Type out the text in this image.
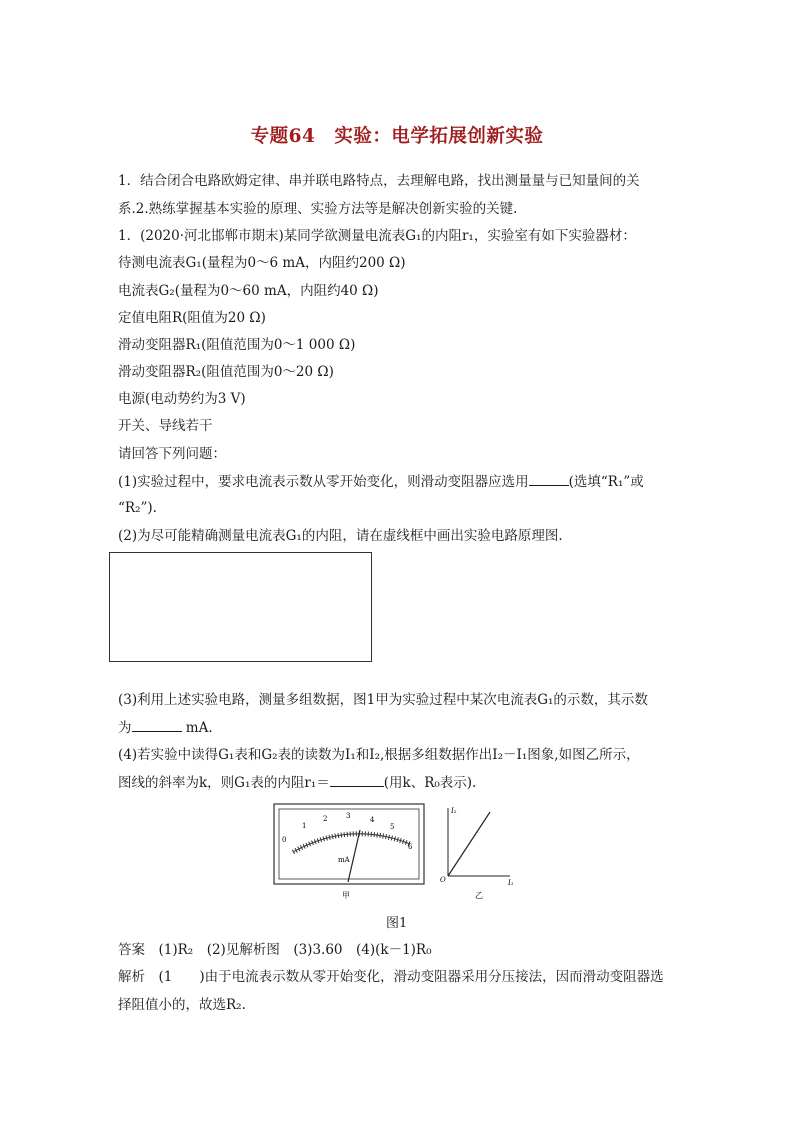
专题64　实验：电学拓展创新实验
1．结合闭合电路欧姆定律、串并联电路特点，去理解电路，找出测量量与已知量间的关
系.2.熟练掌握基本实验的原理、实验方法等是解决创新实验的关键.
1．(2020·河北邯郸市期末)某同学欲测量电流表G₁的内阻r₁，实验室有如下实验器材：
待测电流表G₁(量程为0～6 mA，内阻约200 Ω)
电流表G₂(量程为0～60 mA，内阻约40 Ω)
定值电阻R(阻值为20 Ω)
滑动变阻器R₁(阻值范围为0～1 000 Ω)
滑动变阻器R₂(阻值范围为0～20 Ω)
电源(电动势约为3 V)
开关、导线若干
请回答下列问题：
(1)实验过程中，要求电流表示数从零开始变化，则滑动变阻器应选用	(选填“R₁”或
“R₂”).
(2)为尽可能精确测量电流表G₁的内阻，请在虚线框中画出实验电路原理图.
(3)利用上述实验电路，测量多组数据，图1甲为实验过程中某次电流表G₁的示数，其示数
为	mA.
(4)若实验中读得G₁表和G₂表的读数为I₁和I₂,根据多组数据作出I₂－I₁图象,如图乙所示，
图线的斜率为k，则G₁表的内阻r₁＝	(用k、R₀表示).
0
1
2	3	4
5
6
mA
甲
I₂
I₁
O
乙
图1
答案　 (1)R₂　(2)见解析图　(3)3.60　(4)(k－1)R₀
解析　 (1　　)由于电流表示数从零开始变化，滑动变阻器采用分压接法，因而滑动变阻器选
择阻值小的，故选R₂.
